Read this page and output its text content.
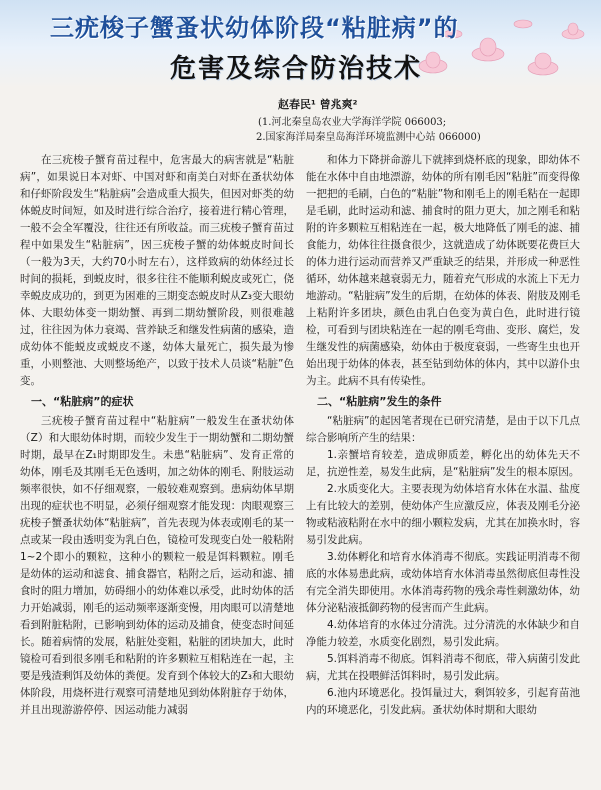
三疣梭子蟹蚤状幼体阶段“粘脏病”的
危害及综合防治技术
赵春民¹ 曾兆爽²
(1.河北秦皇岛农业大学海洋学院 066003;
2.国家海洋局秦皇岛海洋环境监测中心站 066000)

在三疣梭子蟹育苗过程中，危害最大的病害就是“粘脏病”，如果说日本对虾、中国对虾和南美白对虾在蚤状幼体和仔虾阶段发生“粘脏病”会造成重大损失，但因对虾类的幼体蜕皮时间短，如及时进行综合治疗，接着进行精心管理，一般不会全军覆没，往往还有所收益。而三疣梭子蟹育苗过程中如果发生“粘脏病”，因三疣梭子蟹的幼体蜕皮时间长（一般为3天，大约70小时左右），这样致病的幼体经过长时间的损耗，到蜕皮时，很多往往不能顺利蜕皮或死亡，侥幸蜕皮成功的，到更为困难的三期变态蜕皮时从Z₃变大眼幼体、大眼幼体变一期幼蟹、再到二期幼蟹阶段，则很难越过，往往因为体力衰竭、营养缺乏和继发性病菌的感染，造成幼体不能蜕皮或蜕皮不遂，幼体大量死亡，损失最为惨重，小则整池、大则整场绝产，以致于技术人员谈“粘脏”色变。

一、“粘脏病”的症状

三疣梭子蟹育苗过程中“粘脏病”一般发生在蚤状幼体（Z）和大眼幼体时期，而较少发生于一期幼蟹和二期幼蟹时期，最早在Z₁时期即发生。未患“粘脏病”、发育正常的幼体，刚毛及其刚毛无色透明，加之幼体的刚毛、附肢运动频率很快，如不仔细观察，一般较难观察到。患病幼体早期出现的症状也不明显，必须仔细观察才能发现：肉眼观察三疣梭子蟹蚤状幼体“粘脏病”，首先表现为体表或刚毛的某一点或某一段由透明变为乳白色，镜检可发现变白处一般粘附1~2个即小的颗粒，这种小的颗粒一般是饵料颗粒。刚毛是幼体的运动和滤食、捕食器官，粘附之后，运动和滤、捕食时的阻力增加，妨碍细小的幼体难以承受，此时幼体的活力开始减弱，刚毛的运动频率逐渐变慢，用肉眼可以清楚地看到附脏粘附，已影响到幼体的运动及捕食，使变态时间延长。随着病情的发展，粘脏处变粗，粘脏的团块加大，此时镜检可看到很多刚毛和粘附的许多颗粒互相粘连在一起，主要是残渣剩饵及幼体的粪便。发育到个体较大的Z₃和大眼幼体阶段，用烧杯进行观察可清楚地见到幼体附脏存于幼体，并且出现游游停停、因运动能力减弱

和体力下降拼命游儿下就摔到烧杯底的现象，即幼体不能在水体中自由地漂游，幼体的所有刚毛因“粘脏”而变得像一把把的毛刷，白色的“粘脏”物和刚毛上的刚毛粘在一起即是毛刷，此时运动和滤、捕食时的阻力更大，加之刚毛和粘附的许多颗粒互相粘连在一起，极大地降低了刚毛的滤、捕食能力，幼体往往摄食很少，这就造成了幼体既要花费巨大的体力进行运动而营养又严重缺乏的结果，并形成一种恶性循环，幼体越来越衰弱无力，随着充气形成的水流上下无力地游动。“粘脏病”发生的后期，在幼体的体表、附肢及刚毛上粘附许多团块，颜色由乳白色变为黄白色，此时进行镜检，可看到与团块粘连在一起的刚毛弯曲、变形、腐烂，发生继发性的病菌感染，幼体由于极度衰弱，一些寄生虫也开始出现于幼体的体表，甚至钻到幼体的体内，其中以游仆虫为主。此病不具有传染性。

二、“粘脏病”发生的条件

“粘脏病”的起因笔者现在已研究清楚，是由于以下几点综合影响所产生的结果：

1.亲蟹培育较差，造成卵质差，孵化出的幼体先天不足，抗逆性差，易发生此病，是“粘脏病”发生的根本原因。

2.水质变化大。主要表现为幼体培育水体在水温、盐度上有比较大的差别，使幼体产生应激反应，体表及刚毛分泌物或粘液粘附在水中的细小颗粒发病，尤其在加换水时，容易引发此病。

3.幼体孵化和培育水体消毒不彻底。实践证明消毒不彻底的水体易患此病，或幼体培育水体消毒虽然彻底但毒性没有完全消失即使用。水体消毒药物的残余毒性刺激幼体，幼体分泌粘液抵御药物的侵害而产生此病。

4.幼体培育的水体过分清洗。过分清洗的水体缺少和自净能力较差，水质变化剧烈，易引发此病。

5.饵料消毒不彻底。饵料消毒不彻底，带入病菌引发此病，尤其在投喂鲜活饵料时，易引发此病。

6.池内环境恶化。投饵量过大，剩饵较多，引起育苗池内的环境恶化，引发此病。蚤状幼体时期和大眼幼
